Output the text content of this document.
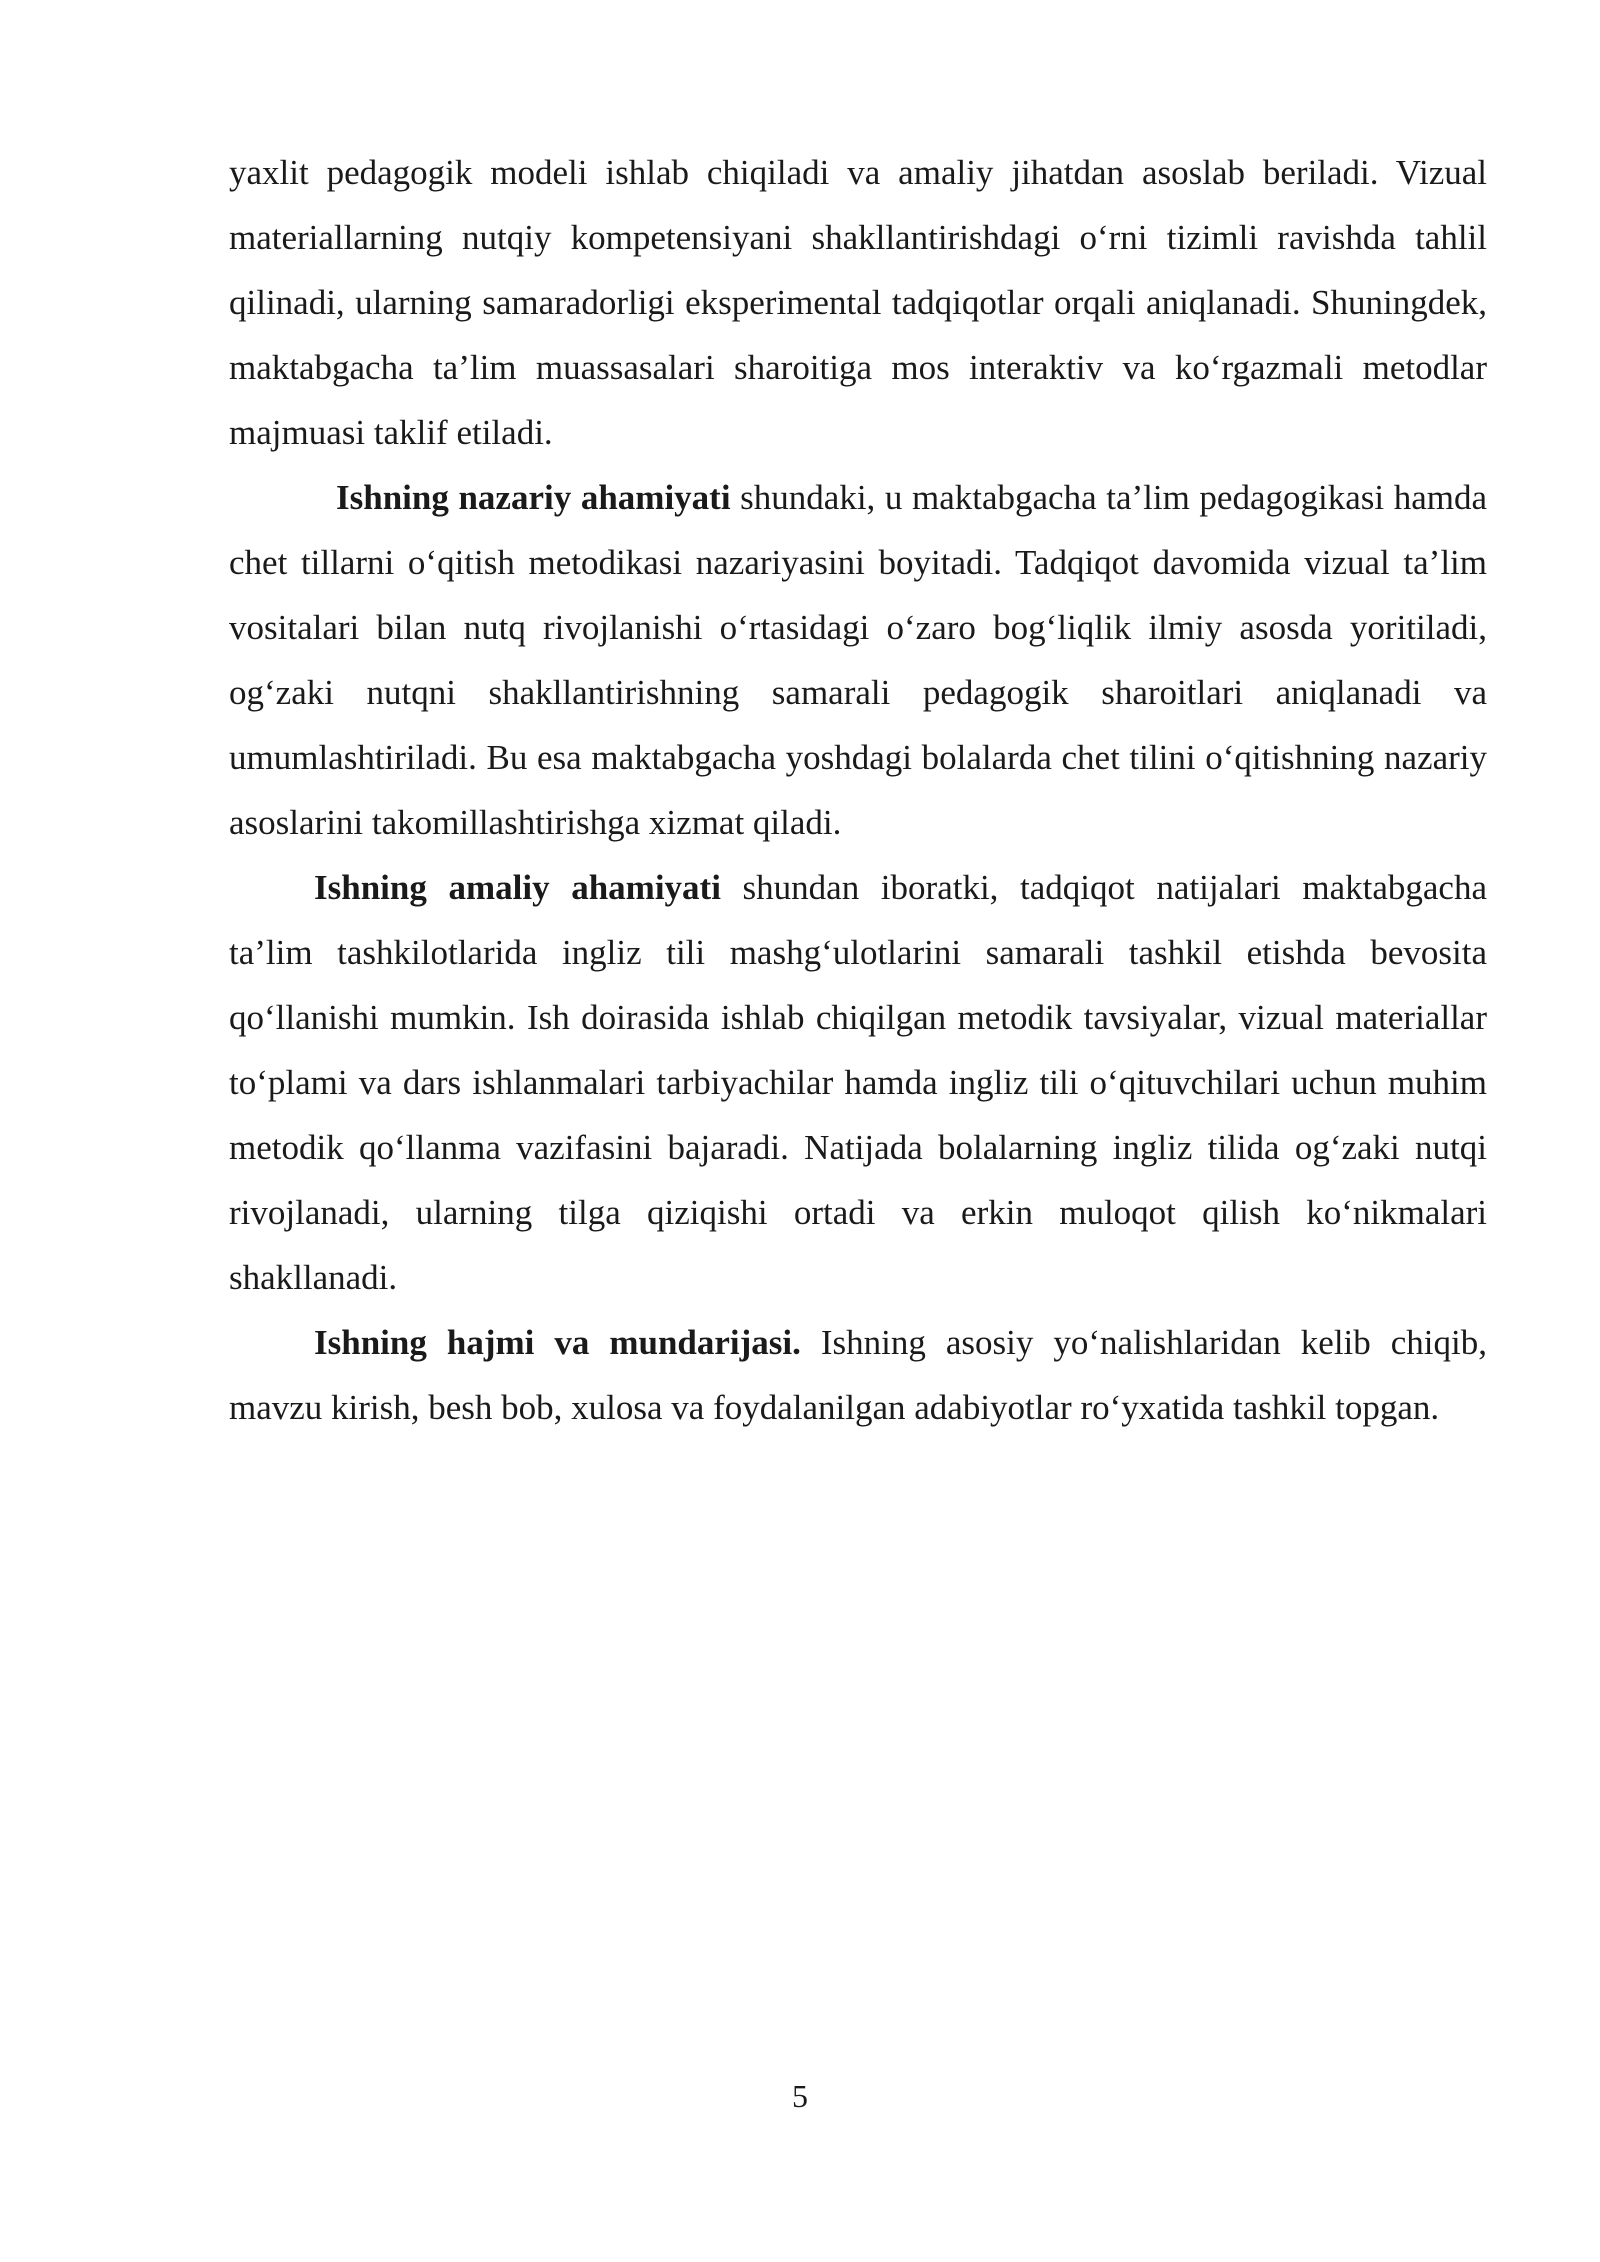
yaxlit pedagogik modeli ishlab chiqiladi va amaliy jihatdan asoslab beriladi. Vizual materiallarning nutqiy kompetensiyani shakllantirishdagi o‘rni tizimli ravishda tahlil qilinadi, ularning samaradorligi eksperimental tadqiqotlar orqali aniqlanadi. Shuningdek, maktabgacha ta’lim muassasalari sharoitiga mos interaktiv va ko‘rgazmali metodlar majmuasi taklif etiladi.

Ishning nazariy ahamiyati shundaki, u maktabgacha ta’lim pedagogikasi hamda chet tillarni o‘qitish metodikasi nazariyasini boyitadi. Tadqiqot davomida vizual ta’lim vositalari bilan nutq rivojlanishi o‘rtasidagi o‘zaro bog‘liqlik ilmiy asosda yoritiladi, og‘zaki nutqni shakllantirishning samarali pedagogik sharoitlari aniqlanadi va umumlashtiriladi. Bu esa maktabgacha yoshdagi bolalarda chet tilini o‘qitishning nazariy asoslarini takomillashtirishga xizmat qiladi.

Ishning amaliy ahamiyati shundan iboratki, tadqiqot natijalari maktabgacha ta’lim tashkilotlarida ingliz tili mashg‘ulotlarini samarali tashkil etishda bevosita qo‘llanishi mumkin. Ish doirasida ishlab chiqilgan metodik tavsiyalar, vizual materiallar to‘plami va dars ishlanmalari tarbiyachilar hamda ingliz tili o‘qituvchilari uchun muhim metodik qo‘llanma vazifasini bajaradi. Natijada bolalarning ingliz tilida og‘zaki nutqi rivojlanadi, ularning tilga qiziqishi ortadi va erkin muloqot qilish ko‘nikmalari shakllanadi.

Ishning hajmi va mundarijasi. Ishning asosiy yo‘nalishlaridan kelib chiqib, mavzu kirish, besh bob, xulosa va foydalanilgan adabiyotlar ro‘yxatida tashkil topgan.

5
